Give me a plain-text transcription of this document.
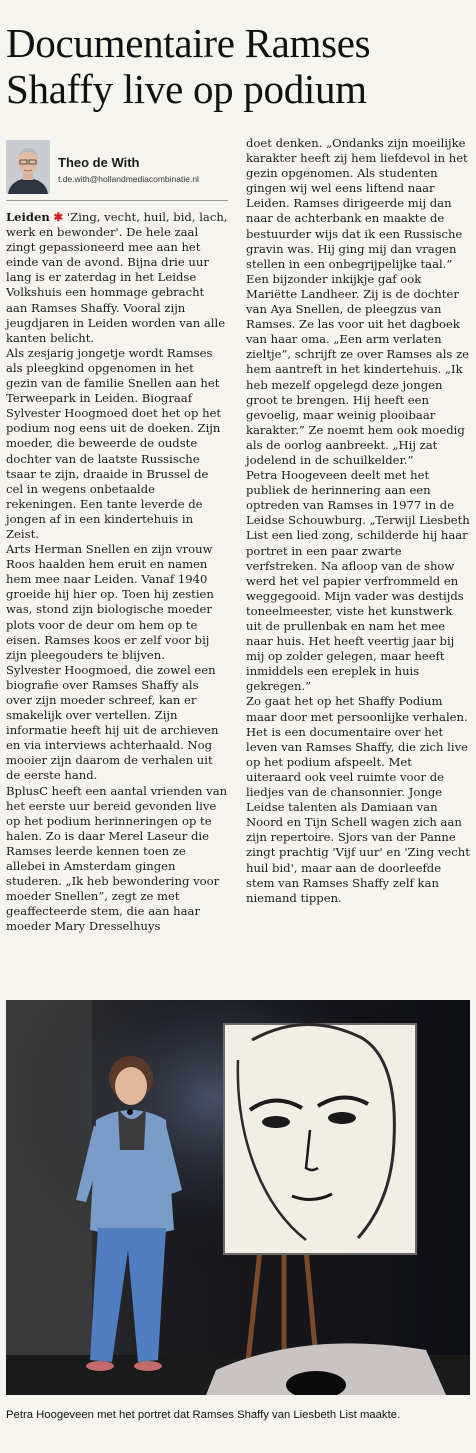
Documentaire Ramses Shaffy live op podium
Theo de With
t.de.with@hollandmediacombinatie.nl

Leiden ✱ 'Zing, vecht, huil, bid, lach, werk en bewonder'. De hele zaal zingt gepassioneerd mee aan het einde van de avond. Bijna drie uur lang is er zaterdag in het Leidse Volkshuis een hommage gebracht aan Ramses Shaffy. Vooral zijn jeugdjaren in Leiden worden van alle kanten belicht.

Als zesjarig jongetje wordt Ramses als pleegkind opgenomen in het gezin van de familie Snellen aan het Terweepark in Leiden. Biograaf Sylvester Hoogmoed doet het op het podium nog eens uit de doeken. Zijn moeder, die beweerde de oudste dochter van de laatste Russische tsaar te zijn, draaide in Brussel de cel in wegens onbetaalde rekeningen. Een tante leverde de jongen af in een kindertehuis in Zeist.

Arts Herman Snellen en zijn vrouw Roos haalden hem eruit en namen hem mee naar Leiden. Vanaf 1940 groeide hij hier op. Toen hij zestien was, stond zijn biologische moeder plots voor de deur om hem op te eisen. Ramses koos er zelf voor bij zijn pleegouders te blijven.

Sylvester Hoogmoed, die zowel een biografie over Ramses Shaffy als over zijn moeder schreef, kan er smakelijk over vertellen. Zijn informatie heeft hij uit de archieven en via interviews achterhaald. Nog mooier zijn daarom de verhalen uit de eerste hand.

BplusC heeft een aantal vrienden van het eerste uur bereid gevonden live op het podium herinneringen op te halen. Zo is daar Merel Laseur die Ramses leerde kennen toen ze allebei in Amsterdam gingen studeren. „Ik heb bewondering voor moeder Snellen”, zegt ze met geaffecteerde stem, die aan haar moeder Mary Dresselhuys

doet denken. „Ondanks zijn moeilijke karakter heeft zij hem liefdevol in het gezin opgenomen. Als studenten gingen wij wel eens liftend naar Leiden. Ramses dirigeerde mij dan naar de achterbank en maakte de bestuurder wijs dat ik een Russische gravin was. Hij ging mij dan vragen stellen in een onbegrijpelijke taal.”

Een bijzonder inkijkje gaf ook Mariëtte Landheer. Zij is de dochter van Aya Snellen, de pleegzus van Ramses. Ze las voor uit het dagboek van haar oma. „Een arm verlaten zieltje”, schrijft ze over Ramses als ze hem aantreft in het kindertehuis. „Ik heb mezelf opgelegd deze jongen groot te brengen. Hij heeft een gevoelig, maar weinig plooibaar karakter.” Ze noemt hem ook moedig als de oorlog aanbreekt. „Hij zat jodelend in de schuilkelder.”

Petra Hoogeveen deelt met het publiek de herinnering aan een optreden van Ramses in 1977 in de Leidse Schouwburg. „Terwijl Liesbeth List een lied zong, schilderde hij haar portret in een paar zwarte verfstreken. Na afloop van de show werd het vel papier verfrommeld en weggegooid. Mijn vader was destijds toneelmeester, viste het kunstwerk uit de prullenbak en nam het mee naar huis. Het heeft veertig jaar bij mij op zolder gelegen, maar heeft inmiddels een ereplek in huis gekregen.”

Zo gaat het op het Shaffy Podium maar door met persoonlijke verhalen. Het is een documentaire over het leven van Ramses Shaffy, die zich live op het podium afspeelt. Met uiteraard ook veel ruimte voor de liedjes van de chansonnier. Jonge Leidse talenten als Damiaan van Noord en Tijn Schell wagen zich aan zijn repertoire. Sjors van der Panne zingt prachtig 'Vijf uur' en 'Zing vecht huil bid', maar aan de doorleefde stem van Ramses Shaffy zelf kan niemand tippen.

Petra Hoogeveen met het portret dat Ramses Shaffy van Liesbeth List maakte.
